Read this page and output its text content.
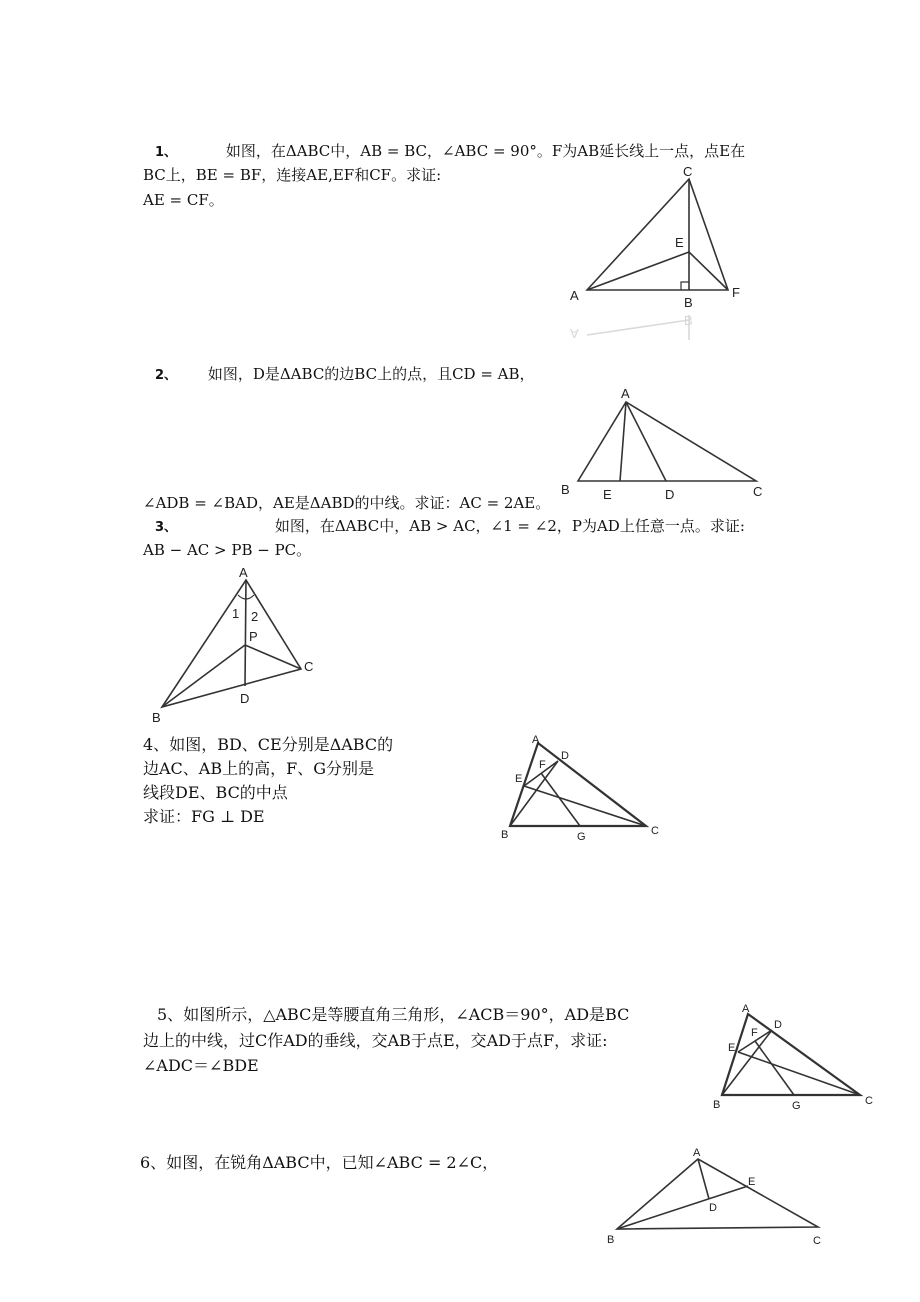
1、	如图，在ΔABC中，AB = BC，∠ABC = 90°。F为AB延长线上一点，点E在
BC上，BE = BF，连接AE,EF和CF。求证:
AE = CF。
C
E
A	B
F
A
B
2、 如图，D是ΔABC的边BC上的点，且CD = AB，
∠ADB = ∠BAD，AE是ΔABD的中线。求证：AC = 2AE。
A
B	E	D	C
3、	如图，在ΔABC中，AB > AC，∠1 = ∠2，P为AD上任意一点。求证:
AB − AC > PB − PC。
A
1 2
P
C
D
B
4、如图，BD、CE分别是ΔABC的
边AC、AB上的高，F、G分别是
线段DE、BC的中点
求证：FG ⊥ DE
A
D
F
E
B	G	C
5、如图所示，△ABC是等腰直角三角形，∠ACB＝90°，AD是BC
边上的中线，过C作AD的垂线，交AB于点E，交AD于点F，求证:
∠ADC＝∠BDE
A
D
F
E
B	G	C
6、如图，在锐角ΔABC中，已知∠ABC = 2∠C，	A
E
D
B	C
